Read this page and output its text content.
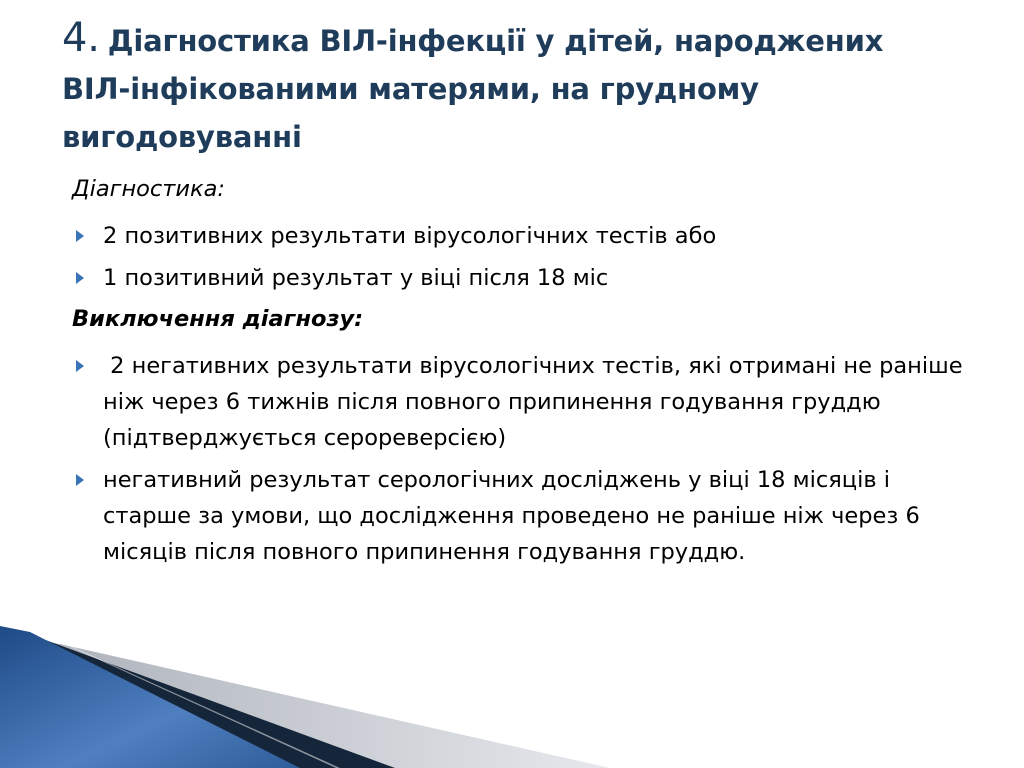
4. Діагностика ВІЛ-інфекції у дітей, народжених ВІЛ-інфікованими матерями, на грудному вигодовуванні
Діагностика:
2 позитивних результати вірусологічних тестів або
1 позитивний результат у віці після 18 міс
Виключення діагнозу:
2 негативних результати вірусологічних тестів, які отримані не раніше ніж через 6 тижнів після повного припинення годування груддю (підтверджується серореверсією)
негативний результат серологічних досліджень у віці 18 місяців і старше за умови, що дослідження проведено не раніше ніж через 6 місяців після повного припинення годування груддю.
